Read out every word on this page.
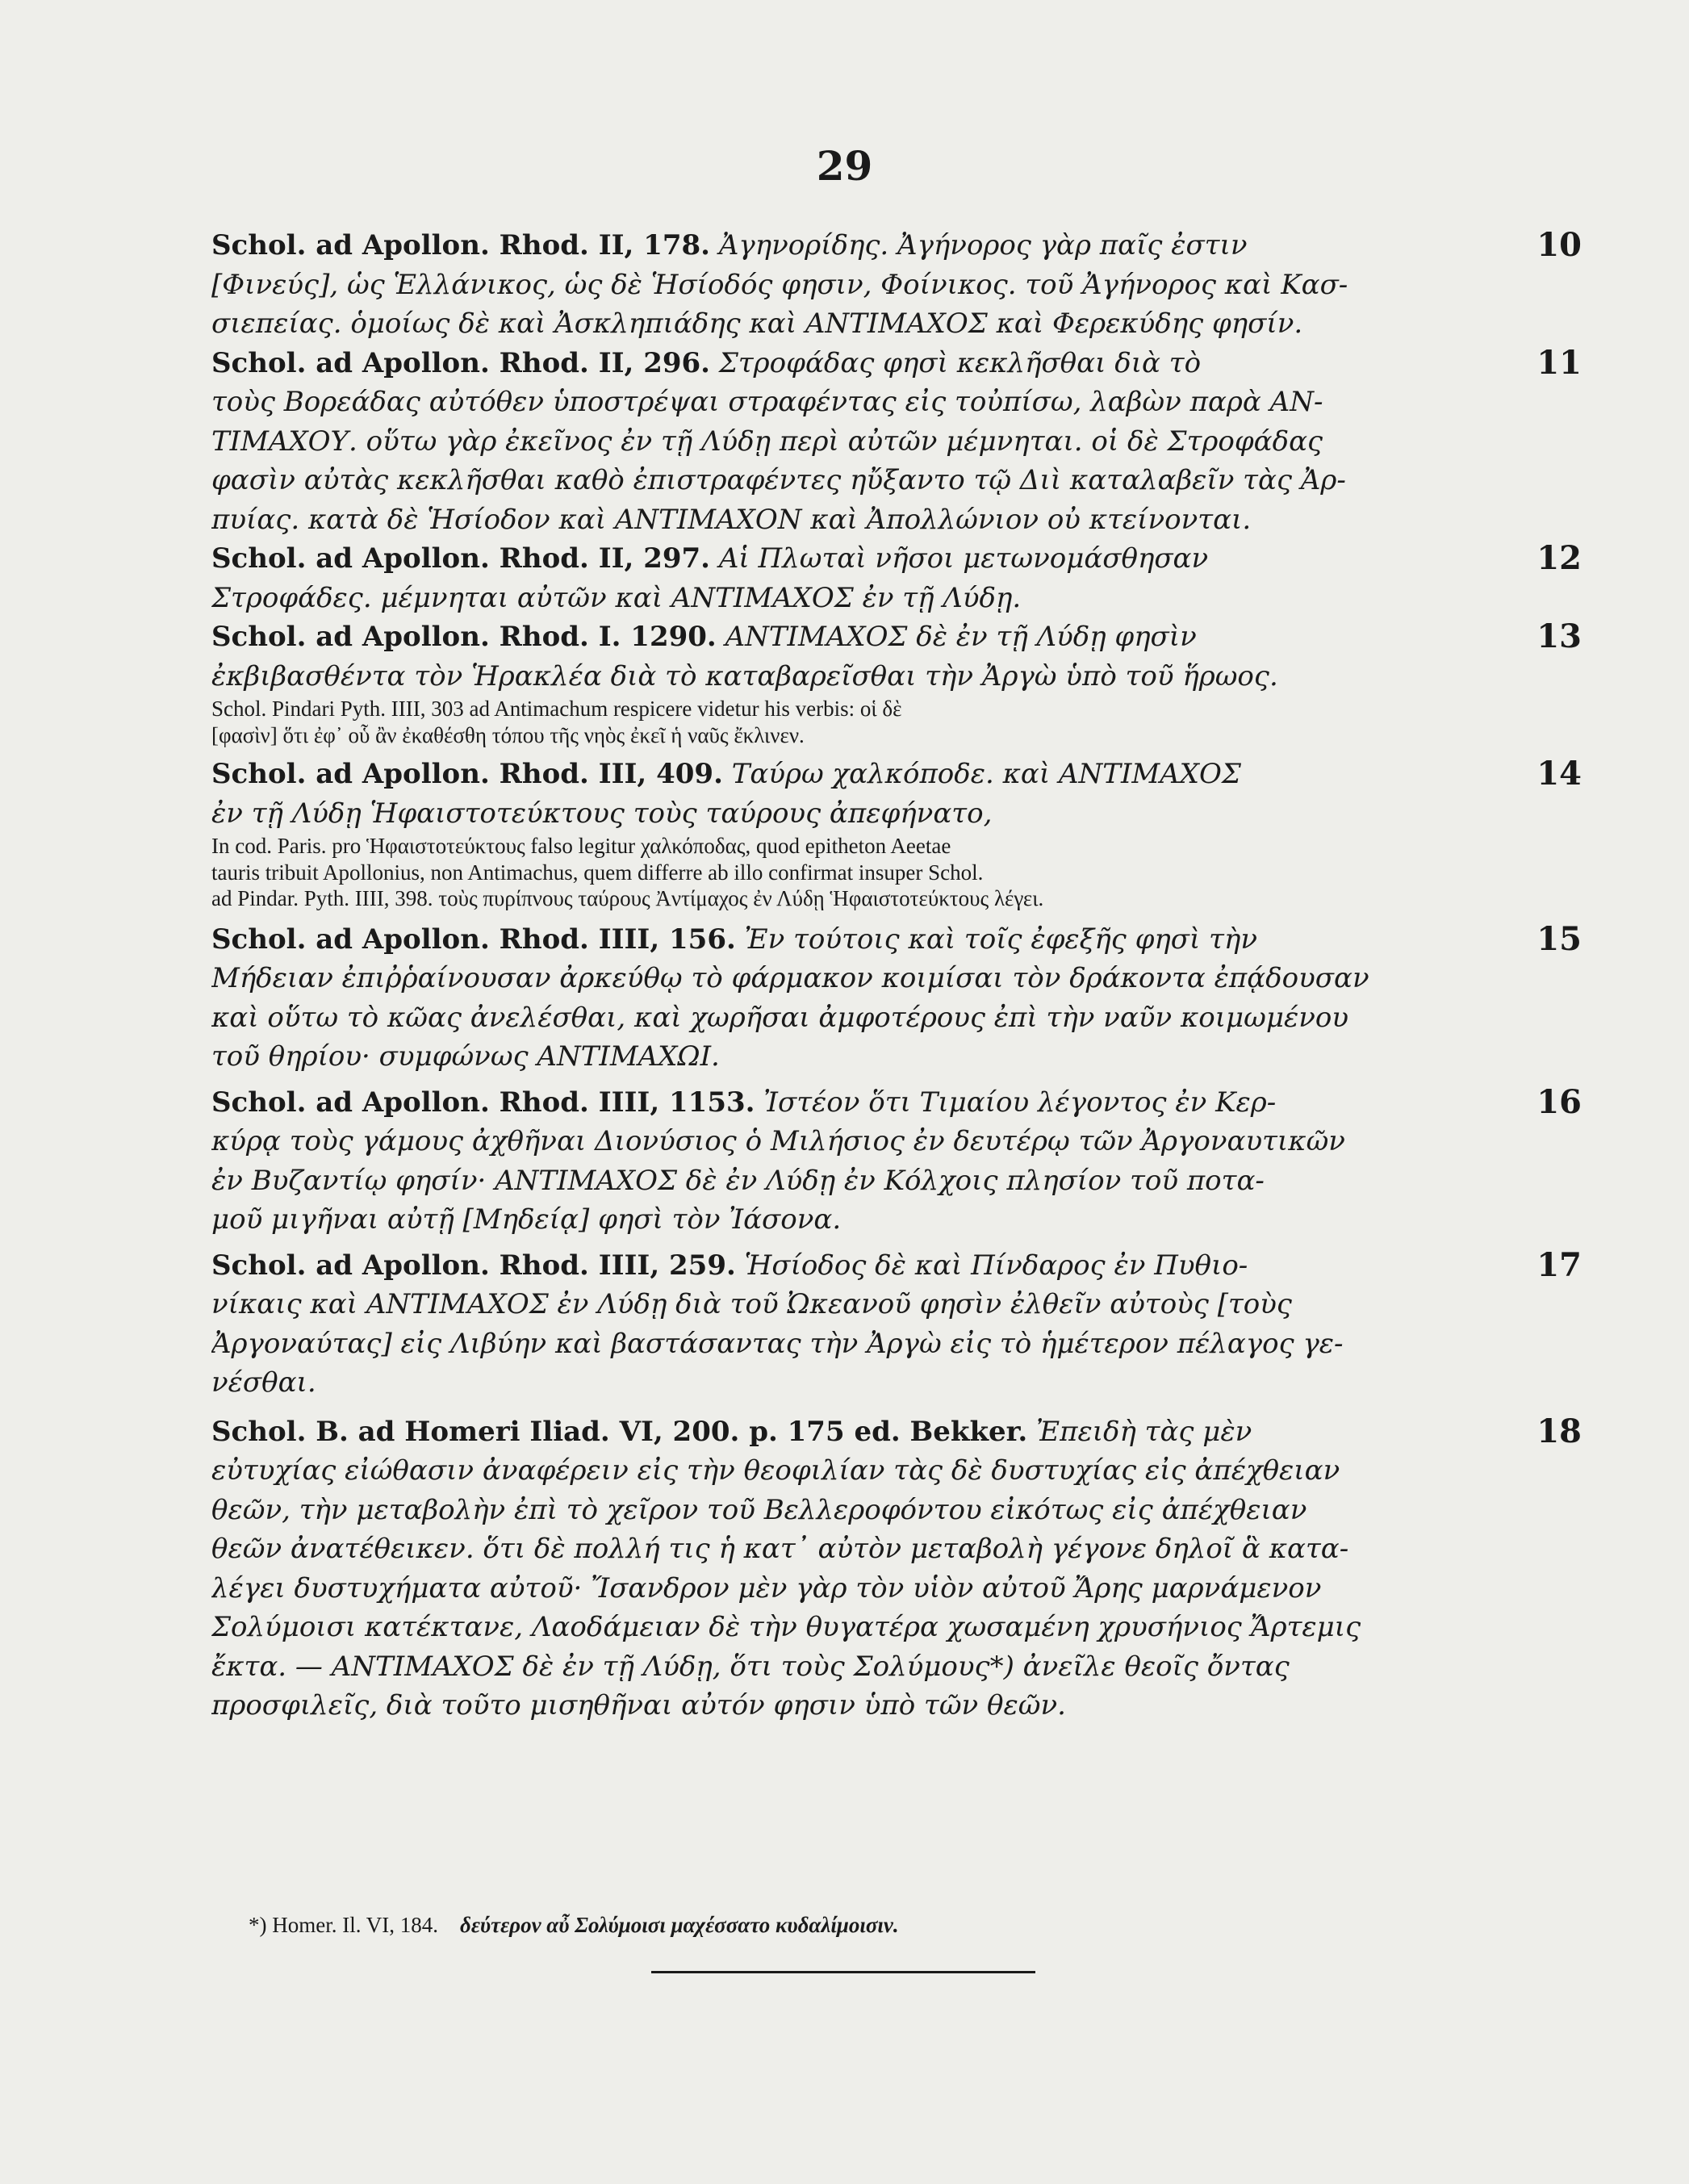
29
10
Schol. ad Apollon. Rhod. II, 178. Ἀγηνορίδης. Ἀγήνορος γὰρ παῖς ἐστιν
[Φινεύς], ὡς Ἑλλάνικος, ὡς δὲ Ἡσίοδός φησιν, Φοίνικος. τοῦ Ἀγήνορος καὶ Κασ-
σιεπείας. ὁμοίως δὲ καὶ Ἀσκληπιάδης καὶ ΑΝΤΙΜΑΧΟΣ καὶ Φερεκύδης φησίν.
11
Schol. ad Apollon. Rhod. II, 296. Στροφάδας φησὶ κεκλῆσθαι διὰ τὸ
τοὺς Βορεάδας αὐτόθεν ὑποστρέψαι στραφέντας εἰς τοὐπίσω, λαβὼν παρὰ ΑΝ-
ΤΙΜΑΧΟΥ. οὕτω γὰρ ἐκεῖνος ἐν τῇ Λύδῃ περὶ αὐτῶν μέμνηται. οἱ δὲ Στροφάδας
φασὶν αὐτὰς κεκλῆσθαι καθὸ ἐπιστραφέντες ηὔξαντο τῷ Διὶ καταλαβεῖν τὰς Ἀρ-
πυίας. κατὰ δὲ Ἡσίοδον καὶ ΑΝΤΙΜΑΧΟΝ καὶ Ἀπολλώνιον οὐ κτείνονται.
12
Schol. ad Apollon. Rhod. II, 297. Αἱ Πλωταὶ νῆσοι μετωνομάσθησαν
Στροφάδες. μέμνηται αὐτῶν καὶ ΑΝΤΙΜΑΧΟΣ ἐν τῇ Λύδῃ.
13
Schol. ad Apollon. Rhod. I. 1290. ΑΝΤΙΜΑΧΟΣ δὲ ἐν τῇ Λύδῃ φησὶν
ἐκβιβασθέντα τὸν Ἡρακλέα διὰ τὸ καταβαρεῖσθαι τὴν Ἀργὼ ὑπὸ τοῦ ἥρωος.
Schol. Pindari Pyth. IIII, 303 ad Antimachum respicere videtur his verbis: οἱ δὲ
[φασὶν] ὅτι ἐφ᾽ οὗ ἂν ἐκαθέσθη τόπου τῆς νηὸς ἐκεῖ ἡ ναῦς ἔκλινεν.
14
Schol. ad Apollon. Rhod. III, 409. Ταύρω χαλκόποδε. καὶ ΑΝΤΙΜΑΧΟΣ
ἐν τῇ Λύδῃ Ἡφαιστοτεύκτους τοὺς ταύρους ἀπεφήνατο,
In cod. Paris. pro Ἡφαιστοτεύκτους falso legitur χαλκόποδας, quod epitheton Aeetae
tauris tribuit Apollonius, non Antimachus, quem differre ab illo confirmat insuper Schol.
ad Pindar. Pyth. IIII, 398. τοὺς πυρίπνους ταύρους Ἀντίμαχος ἐν Λύδῃ Ἡφαιστοτεύκτους λέγει.
15
Schol. ad Apollon. Rhod. IIII, 156. Ἐν τούτοις καὶ τοῖς ἐφεξῆς φησὶ τὴν
Μήδειαν ἐπιῤῥαίνουσαν ἀρκεύθῳ τὸ φάρμακον κοιμίσαι τὸν δράκοντα ἐπᾴδουσαν
καὶ οὕτω τὸ κῶας ἀνελέσθαι, καὶ χωρῆσαι ἀμφοτέρους ἐπὶ τὴν ναῦν κοιμωμένου
τοῦ θηρίου· συμφώνως ΑΝΤΙΜΑΧΩΙ.
16
Schol. ad Apollon. Rhod. IIII, 1153. Ἰστέον ὅτι Τιμαίου λέγοντος ἐν Κερ-
κύρᾳ τοὺς γάμους ἀχθῆναι Διονύσιος ὁ Μιλήσιος ἐν δευτέρῳ τῶν Ἀργοναυτικῶν
ἐν Βυζαντίῳ φησίν· ΑΝΤΙΜΑΧΟΣ δὲ ἐν Λύδῃ ἐν Κόλχοις πλησίον τοῦ ποτα-
μοῦ μιγῆναι αὐτῇ [Μηδείᾳ] φησὶ τὸν Ἰάσονα.
17
Schol. ad Apollon. Rhod. IIII, 259. Ἡσίοδος δὲ καὶ Πίνδαρος ἐν Πυθιο-
νίκαις καὶ ΑΝΤΙΜΑΧΟΣ ἐν Λύδῃ διὰ τοῦ Ὠκεανοῦ φησὶν ἐλθεῖν αὐτοὺς [τοὺς
Ἀργοναύτας] εἰς Λιβύην καὶ βαστάσαντας τὴν Ἀργὼ εἰς τὸ ἡμέτερον πέλαγος γε-
νέσθαι.
18
Schol. B. ad Homeri Iliad. VI, 200. p. 175 ed. Bekker. Ἐπειδὴ τὰς μὲν
εὐτυχίας εἰώθασιν ἀναφέρειν εἰς τὴν θεοφιλίαν τὰς δὲ δυστυχίας εἰς ἀπέχθειαν
θεῶν, τὴν μεταβολὴν ἐπὶ τὸ χεῖρον τοῦ Βελλεροφόντου εἰκότως εἰς ἀπέχθειαν
θεῶν ἀνατέθεικεν. ὅτι δὲ πολλή τις ἡ κατ᾽ αὐτὸν μεταβολὴ γέγονε δηλοῖ ἃ κατα-
λέγει δυστυχήματα αὐτοῦ· Ἴσανδρον μὲν γὰρ τὸν υἱὸν αὐτοῦ Ἄρης μαρνάμενον
Σολύμοισι κατέκτανε, Λαοδάμειαν δὲ τὴν θυγατέρα χωσαμένη χρυσήνιος Ἄρτεμις
ἔκτα. — ΑΝΤΙΜΑΧΟΣ δὲ ἐν τῇ Λύδῃ, ὅτι τοὺς Σολύμους*) ἀνεῖλε θεοῖς ὄντας
προσφιλεῖς, διὰ τοῦτο μισηθῆναι αὐτόν φησιν ὑπὸ τῶν θεῶν.
*) Homer. Il. VI, 184. δεύτερον αὖ Σολύμοισι μαχέσσατο κυδαλίμοισιν.
